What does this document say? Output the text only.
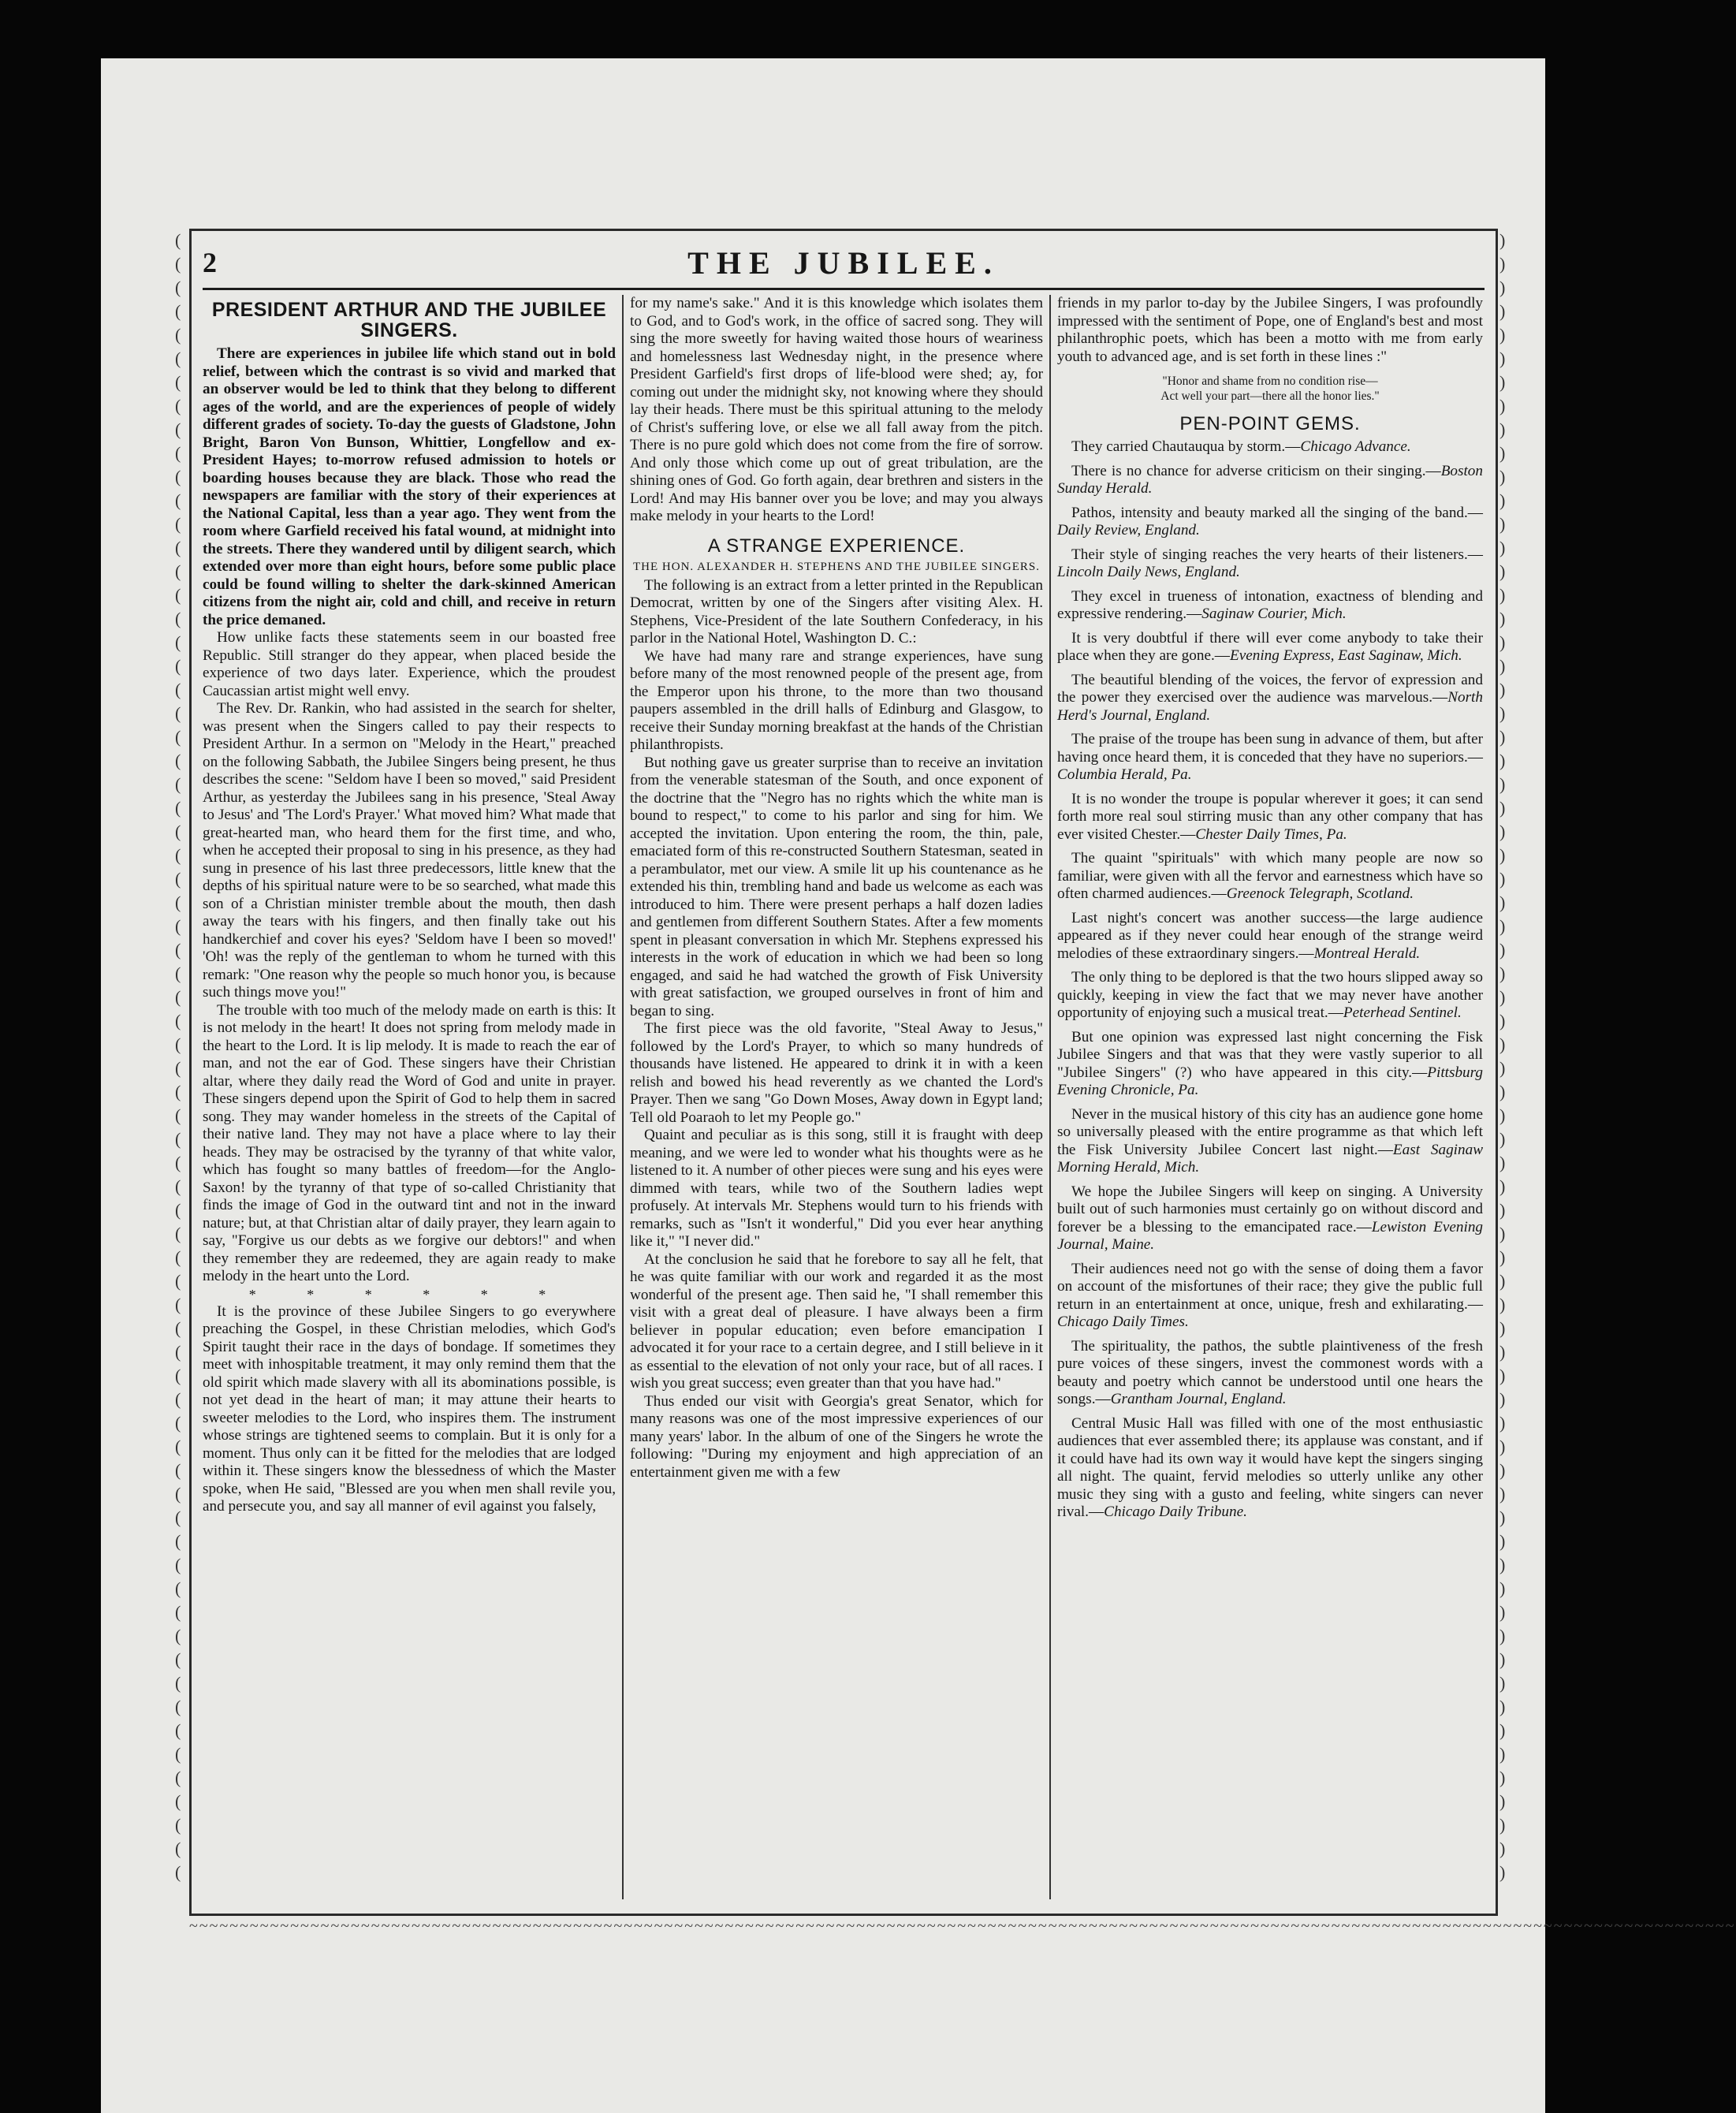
( ( ( ( ( ( ( ( ( ( ( ( ( ( ( ( ( ( ( ( ( ( ( ( ( ( ( ( ( ( ( ( ( ( ( ( ( ( ( ( ( ( ( ( ( ( ( ( ( ( ( ( ( ( ( ( ( ( ( ( ( ( ( ( ( ( ( ( ( (
) ) ) ) ) ) ) ) ) ) ) ) ) ) ) ) ) ) ) ) ) ) ) ) ) ) ) ) ) ) ) ) ) ) ) ) ) ) ) ) ) ) ) ) ) ) ) ) ) ) ) ) ) ) ) ) ) ) ) ) ) ) ) ) ) ) ) ) ) )
2	THE JUBILEE.
PRESIDENT ARTHUR AND THE JUBILEE SINGERS.

There are experiences in jubilee life which stand out in bold relief, between which the contrast is so vivid and marked that an observer would be led to think that they belong to different ages of the world, and are the experiences of people of widely different grades of society. To-day the guests of Gladstone, John Bright, Baron Von Bunson, Whittier, Longfellow and ex-President Hayes; to-morrow refused admission to hotels or boarding houses because they are black. Those who read the newspapers are familiar with the story of their experiences at the National Capital, less than a year ago. They went from the room where Garfield received his fatal wound, at midnight into the streets. There they wandered until by diligent search, which extended over more than eight hours, before some public place could be found willing to shelter the dark-skinned American citizens from the night air, cold and chill, and receive in return the price demaned.

How unlike facts these statements seem in our boasted free Republic. Still stranger do they appear, when placed beside the experience of two days later. Experience, which the proudest Caucassian artist might well envy.

The Rev. Dr. Rankin, who had assisted in the search for shelter, was present when the Singers called to pay their respects to President Arthur. In a sermon on "Melody in the Heart," preached on the following Sabbath, the Jubilee Singers being present, he thus describes the scene: "Seldom have I been so moved," said President Arthur, as yesterday the Jubilees sang in his presence, 'Steal Away to Jesus' and 'The Lord's Prayer.' What moved him? What made that great-hearted man, who heard them for the first time, and who, when he accepted their proposal to sing in his presence, as they had sung in presence of his last three predecessors, little knew that the depths of his spiritual nature were to be so searched, what made this son of a Christian minister tremble about the mouth, then dash away the tears with his fingers, and then finally take out his handkerchief and cover his eyes? 'Seldom have I been so moved!' 'Oh! was the reply of the gentleman to whom he turned with this remark: "One reason why the people so much honor you, is because such things move you!"

The trouble with too much of the melody made on earth is this: It is not melody in the heart! It does not spring from melody made in the heart to the Lord. It is lip melody. It is made to reach the ear of man, and not the ear of God. These singers have their Christian altar, where they daily read the Word of God and unite in prayer. These singers depend upon the Spirit of God to help them in sacred song. They may wander homeless in the streets of the Capital of their native land. They may not have a place where to lay their heads. They may be ostracised by the tyranny of that white valor, which has fought so many battles of freedom—for the Anglo-Saxon! by the tyranny of that type of so-called Christianity that finds the image of God in the outward tint and not in the inward nature; but, at that Christian altar of daily prayer, they learn again to say, "Forgive us our debts as we forgive our debtors!" and when they remember they are redeemed, they are again ready to make melody in the heart unto the Lord.

* * * * * *

It is the province of these Jubilee Singers to go everywhere preaching the Gospel, in these Christian melodies, which God's Spirit taught their race in the days of bondage. If sometimes they meet with inhospitable treatment, it may only remind them that the old spirit which made slavery with all its abominations possible, is not yet dead in the heart of man; it may attune their hearts to sweeter melodies to the Lord, who inspires them. The instrument whose strings are tightened seems to complain. But it is only for a moment. Thus only can it be fitted for the melodies that are lodged within it. These singers know the blessedness of which the Master spoke, when He said, "Blessed are you when men shall revile you, and persecute you, and say all manner of evil against you falsely,

for my name's sake." And it is this knowledge which isolates them to God, and to God's work, in the office of sacred song. They will sing the more sweetly for having waited those hours of weariness and homelessness last Wednesday night, in the presence where President Garfield's first drops of life-blood were shed; ay, for coming out under the midnight sky, not knowing where they should lay their heads. There must be this spiritual attuning to the melody of Christ's suffering love, or else we all fall away from the pitch. There is no pure gold which does not come from the fire of sorrow. And only those which come up out of great tribulation, are the shining ones of God. Go forth again, dear brethren and sisters in the Lord! And may His banner over you be love; and may you always make melody in your hearts to the Lord!

A STRANGE EXPERIENCE.
THE HON. ALEXANDER H. STEPHENS AND THE JUBILEE SINGERS.

The following is an extract from a letter printed in the Republican Democrat, written by one of the Singers after visiting Alex. H. Stephens, Vice-President of the late Southern Confederacy, in his parlor in the National Hotel, Washington D. C.:

We have had many rare and strange experiences, have sung before many of the most renowned people of the present age, from the Emperor upon his throne, to the more than two thousand paupers assembled in the drill halls of Edinburg and Glasgow, to receive their Sunday morning breakfast at the hands of the Christian philanthropists.

But nothing gave us greater surprise than to receive an invitation from the venerable statesman of the South, and once exponent of the doctrine that the "Negro has no rights which the white man is bound to respect," to come to his parlor and sing for him. We accepted the invitation. Upon entering the room, the thin, pale, emaciated form of this re-constructed Southern Statesman, seated in a perambulator, met our view. A smile lit up his countenance as he extended his thin, trembling hand and bade us welcome as each was introduced to him. There were present perhaps a half dozen ladies and gentlemen from different Southern States. After a few moments spent in pleasant conversation in which Mr. Stephens expressed his interests in the work of education in which we had been so long engaged, and said he had watched the growth of Fisk University with great satisfaction, we grouped ourselves in front of him and began to sing.

The first piece was the old favorite, "Steal Away to Jesus," followed by the Lord's Prayer, to which so many hundreds of thousands have listened. He appeared to drink it in with a keen relish and bowed his head reverently as we chanted the Lord's Prayer. Then we sang "Go Down Moses, Away down in Egypt land; Tell old Poaraoh to let my People go."

Quaint and peculiar as is this song, still it is fraught with deep meaning, and we were led to wonder what his thoughts were as he listened to it. A number of other pieces were sung and his eyes were dimmed with tears, while two of the Southern ladies wept profusely. At intervals Mr. Stephens would turn to his friends with remarks, such as "Isn't it wonderful," Did you ever hear anything like it," "I never did."

At the conclusion he said that he forebore to say all he felt, that he was quite familiar with our work and regarded it as the most wonderful of the present age. Then said he, "I shall remember this visit with a great deal of pleasure. I have always been a firm believer in popular education; even before emancipation I advocated it for your race to a certain degree, and I still believe in it as essential to the elevation of not only your race, but of all races. I wish you great success; even greater than that you have had."

Thus ended our visit with Georgia's great Senator, which for many reasons was one of the most impressive experiences of our many years' labor. In the album of one of the Singers he wrote the following: "During my enjoyment and high appreciation of an entertainment given me with a few

friends in my parlor to-day by the Jubilee Singers, I was profoundly impressed with the sentiment of Pope, one of England's best and most philanthrophic poets, which has been a motto with me from early youth to advanced age, and is set forth in these lines :"

"Honor and shame from no condition rise—
Act well your part—there all the honor lies."
PEN-POINT GEMS.

They carried Chautauqua by storm.—Chicago Advance.

There is no chance for adverse criticism on their singing.—Boston Sunday Herald.

Pathos, intensity and beauty marked all the singing of the band.—Daily Review, England.

Their style of singing reaches the very hearts of their listeners.—Lincoln Daily News, England.

They excel in trueness of intonation, exactness of blending and expressive rendering.—Saginaw Courier, Mich.

It is very doubtful if there will ever come anybody to take their place when they are gone.—Evening Express, East Saginaw, Mich.

The beautiful blending of the voices, the fervor of expression and the power they exercised over the audience was marvelous.—North Herd's Journal, England.

The praise of the troupe has been sung in advance of them, but after having once heard them, it is conceded that they have no superiors.—Columbia Herald, Pa.

It is no wonder the troupe is popular wherever it goes; it can send forth more real soul stirring music than any other company that has ever visited Chester.—Chester Daily Times, Pa.

The quaint "spirituals" with which many people are now so familiar, were given with all the fervor and earnestness which have so often charmed audiences.—Greenock Telegraph, Scotland.

Last night's concert was another success—the large audience appeared as if they never could hear enough of the strange weird melodies of these extraordinary singers.—Montreal Herald.

The only thing to be deplored is that the two hours slipped away so quickly, keeping in view the fact that we may never have another opportunity of enjoying such a musical treat.—Peterhead Sentinel.

But one opinion was expressed last night concerning the Fisk Jubilee Singers and that was that they were vastly superior to all "Jubilee Singers" (?) who have appeared in this city.—Pittsburg Evening Chronicle, Pa.

Never in the musical history of this city has an audience gone home so universally pleased with the entire programme as that which left the Fisk University Jubilee Concert last night.—East Saginaw Morning Herald, Mich.

We hope the Jubilee Singers will keep on singing. A University built out of such harmonies must certainly go on without discord and forever be a blessing to the emancipated race.—Lewiston Evening Journal, Maine.

Their audiences need not go with the sense of doing them a favor on account of the misfortunes of their race; they give the public full return in an entertainment at once, unique, fresh and exhilarating.—Chicago Daily Times.

The spirituality, the pathos, the subtle plaintiveness of the fresh pure voices of these singers, invest the commonest words with a beauty and poetry which cannot be understood until one hears the songs.—Grantham Journal, England.

Central Music Hall was filled with one of the most enthusiastic audiences that ever assembled there; its applause was constant, and if it could have had its own way it would have kept the singers singing all night. The quaint, fervid melodies so utterly unlike any other music they sing with a gusto and feeling, white singers can never rival.—Chicago Daily Tribune.

~~~~~~~~~~~~~~~~~~~~~~~~~~~~~~~~~~~~~~~~~~~~~~~~~~~~~~~~~~~~~~~~~~~~~~~~~~~~~~~~~~~~~~~~~~~~~~~~~~~~~~~~~~~~~~~~~~~~~~~~~~~~~~~~~~~~~~~~~~~~~~~~~~~~~~~~~
